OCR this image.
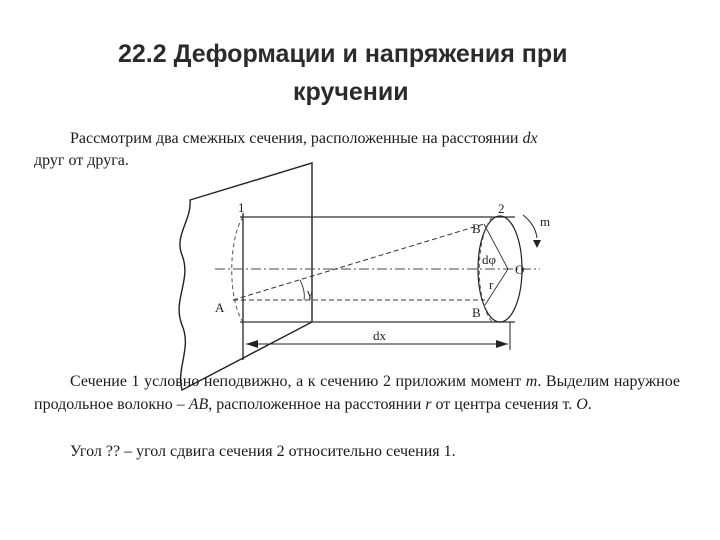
22.2 Деформации и напряжения при
кручении

Рассмотрим два смежных сечения, расположенные на расстоянии dx
друг от друга.

1	2
B
B
A
m
dφ
O
r
γ
dx

Сечение 1 условно неподвижно, а к сечению 2 приложим момент m. Выделим наружное продольное волокно – AB, расположенное на расстоянии r от центра сечения т. O.

Угол ?? – угол сдвига сечения 2 относительно сечения 1.
